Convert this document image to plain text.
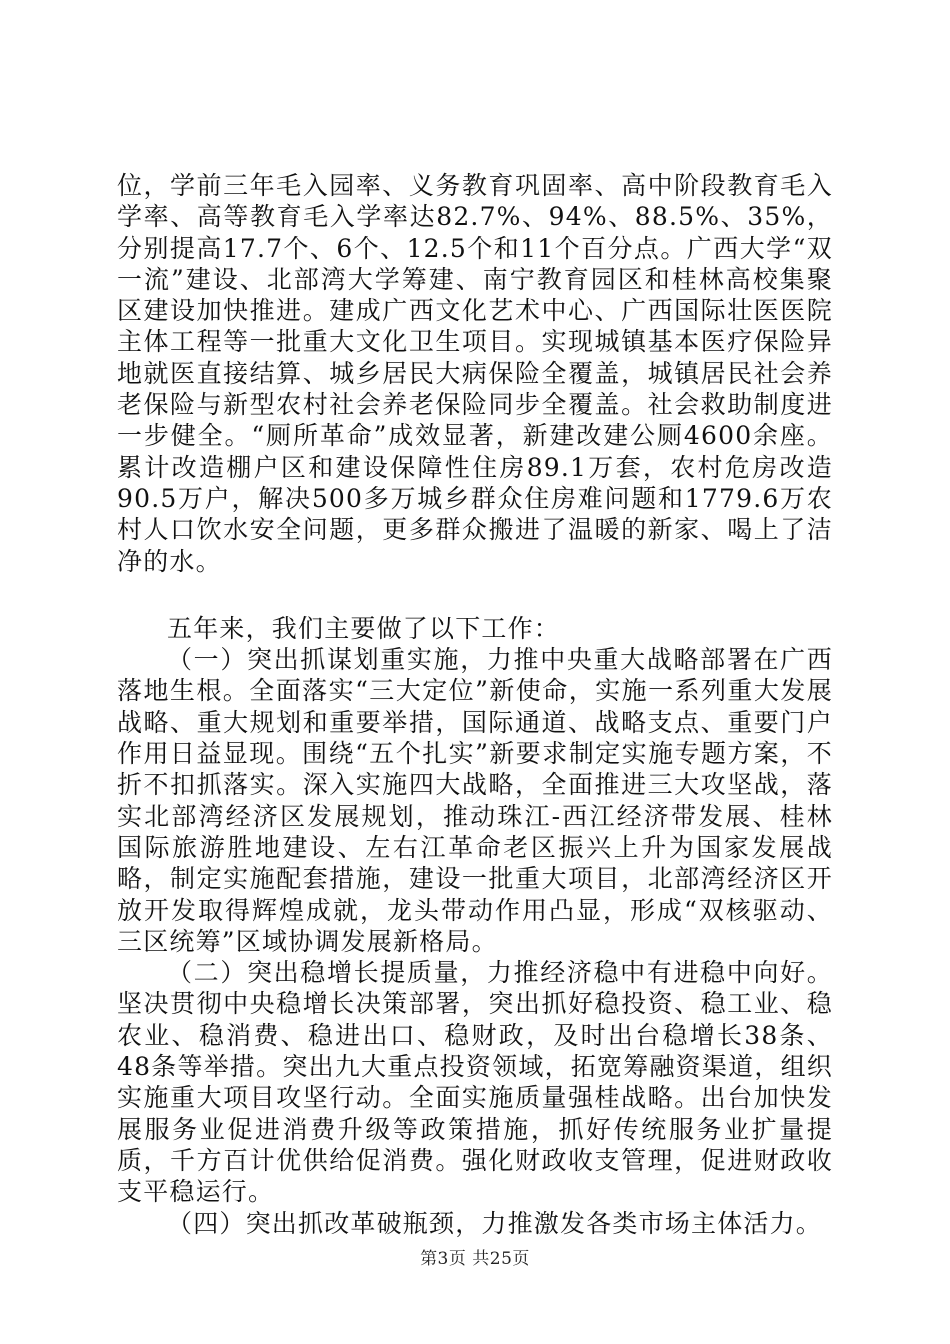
位，学前三年毛入园率、义务教育巩固率、高中阶段教育毛入学率、高等教育毛入学率达82.7%、94%、88.5%、35%，分别提高17.7个、6个、12.5个和11个百分点。广西大学“双一流”建设、北部湾大学筹建、南宁教育园区和桂林高校集聚区建设加快推进。建成广西文化艺术中心、广西国际壮医医院主体工程等一批重大文化卫生项目。实现城镇基本医疗保险异地就医直接结算、城乡居民大病保险全覆盖，城镇居民社会养老保险与新型农村社会养老保险同步全覆盖。社会救助制度进一步健全。“厕所革命”成效显著，新建改建公厕4600余座。累计改造棚户区和建设保障性住房89.1万套，农村危房改造90.5万户，解决500多万城乡群众住房难问题和1779.6万农村人口饮水安全问题，更多群众搬进了温暖的新家、喝上了洁净的水。

五年来，我们主要做了以下工作：

（一）突出抓谋划重实施，力推中央重大战略部署在广西落地生根。全面落实“三大定位”新使命，实施一系列重大发展战略、重大规划和重要举措，国际通道、战略支点、重要门户作用日益显现。围绕“五个扎实”新要求制定实施专题方案，不折不扣抓落实。深入实施四大战略，全面推进三大攻坚战，落实北部湾经济区发展规划，推动珠江-西江经济带发展、桂林国际旅游胜地建设、左右江革命老区振兴上升为国家发展战略，制定实施配套措施，建设一批重大项目，北部湾经济区开放开发取得辉煌成就，龙头带动作用凸显，形成“双核驱动、三区统筹”区域协调发展新格局。

（二）突出稳增长提质量，力推经济稳中有进稳中向好。坚决贯彻中央稳增长决策部署，突出抓好稳投资、稳工业、稳农业、稳消费、稳进出口、稳财政，及时出台稳增长38条、48条等举措。突出九大重点投资领域，拓宽筹融资渠道，组织实施重大项目攻坚行动。全面实施质量强桂战略。出台加快发展服务业促进消费升级等政策措施，抓好传统服务业扩量提质，千方百计优供给促消费。强化财政收支管理，促进财政收支平稳运行。

（四）突出抓改革破瓶颈，力推激发各类市场主体活力。

第3页 共25页
